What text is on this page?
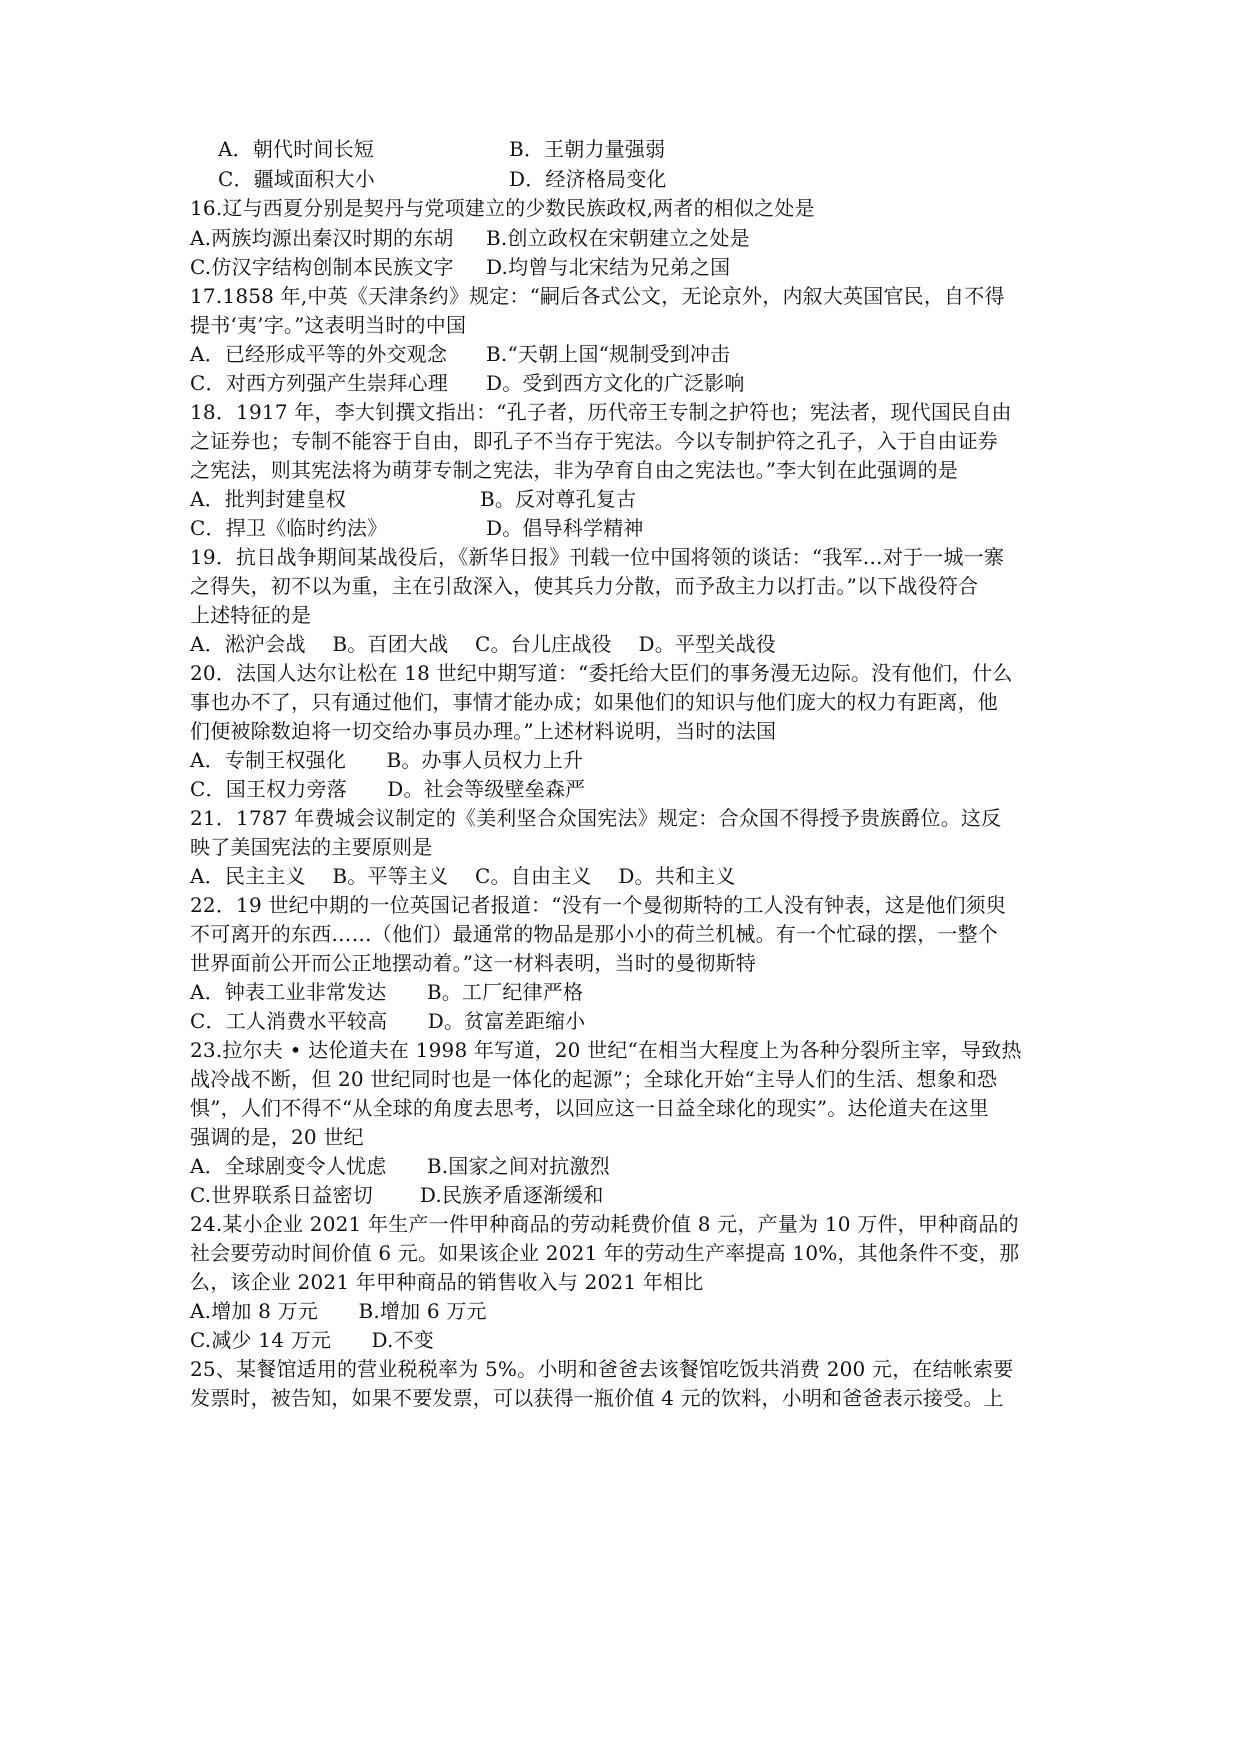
A．朝代时间长短	B．王朝力量强弱
C．疆域面积大小	D．经济格局变化
16.辽与西夏分别是契丹与党项建立的少数民族政权,两者的相似之处是
A.两族均源出秦汉时期的东胡 B.创立政权在宋朝建立之处是
C.仿汉字结构创制本民族文字 D.均曾与北宋结为兄弟之国
17.1858 年,中英《天津条约》规定：“嗣后各式公文，无论京外，内叙大英国官民，自不得
提书‘夷’字。”这表明当时的中国
A．已经形成平等的外交观念 B.“天朝上国“规制受到冲击
C．对西方列强产生崇拜心理 D。受到西方文化的广泛影响
18．1917 年，李大钊撰文指出：“孔子者，历代帝王专制之护符也；宪法者，现代国民自由
之证券也；专制不能容于自由，即孔子不当存于宪法。今以专制护符之孔子，入于自由证券
之宪法，则其宪法将为萌芽专制之宪法，非为孕育自由之宪法也。”李大钊在此强调的是
A．批判封建皇权	B。反对尊孔复古
C．捍卫《临时约法》	D。倡导科学精神
19．抗日战争期间某战役后，《新华日报》刊载一位中国将领的谈话：“我军…对于一城一寨
之得失，初不以为重，主在引敌深入，使其兵力分散，而予敌主力以打击。”以下战役符合
上述特征的是
A．淞沪会战　 B。百团大战　 C。台儿庄战役　 D。平型关战役
20．法国人达尔让松在 18 世纪中期写道：“委托给大臣们的事务漫无边际。没有他们，什么
事也办不了，只有通过他们，事情才能办成；如果他们的知识与他们庞大的权力有距离，他
们便被除数迫将一切交给办事员办理。”上述材料说明，当时的法国
A．专制王权强化　　B。办事人员权力上升
C．国王权力旁落　　D。社会等级壁垒森严
21．1787 年费城会议制定的《美利坚合众国宪法》规定：合众国不得授予贵族爵位。这反
映了美国宪法的主要原则是
A．民主主义　 B。平等主义　 C。自由主义　 D。共和主义
22．19 世纪中期的一位英国记者报道：“没有一个曼彻斯特的工人没有钟表，这是他们须臾
不可离开的东西……（他们）最通常的物品是那小小的荷兰机械。有一个忙碌的摆，一整个
世界面前公开而公正地摆动着。”这一材料表明，当时的曼彻斯特
A．钟表工业非常发达　　B。工厂纪律严格
C．工人消费水平较高　　D。贫富差距缩小
23.拉尔夫 • 达伦道夫在 1998 年写道，20 世纪“在相当大程度上为各种分裂所主宰，导致热
战冷战不断，但 20 世纪同时也是一体化的起源”；全球化开始“主导人们的生活、想象和恐
惧”，人们不得不“从全球的角度去思考，以回应这一日益全球化的现实”。达伦道夫在这里
强调的是，20 世纪
A．全球剧变令人忧虑　　B.国家之间对抗激烈
C.世界联系日益密切　　 D.民族矛盾逐渐缓和
24.某小企业 2021 年生产一件甲种商品的劳动耗费价值 8 元，产量为 10 万件，甲种商品的
社会要劳动时间价值 6 元。如果该企业 2021 年的劳动生产率提高 10%，其他条件不变，那
么，该企业 2021 年甲种商品的销售收入与 2021 年相比
A.增加 8 万元　　B.增加 6 万元
C.减少 14 万元　　D.不变
25、某餐馆适用的营业税税率为 5%。小明和爸爸去该餐馆吃饭共消费 200 元，在结帐索要
发票时，被告知，如果不要发票，可以获得一瓶价值 4 元的饮料，小明和爸爸表示接受。上
